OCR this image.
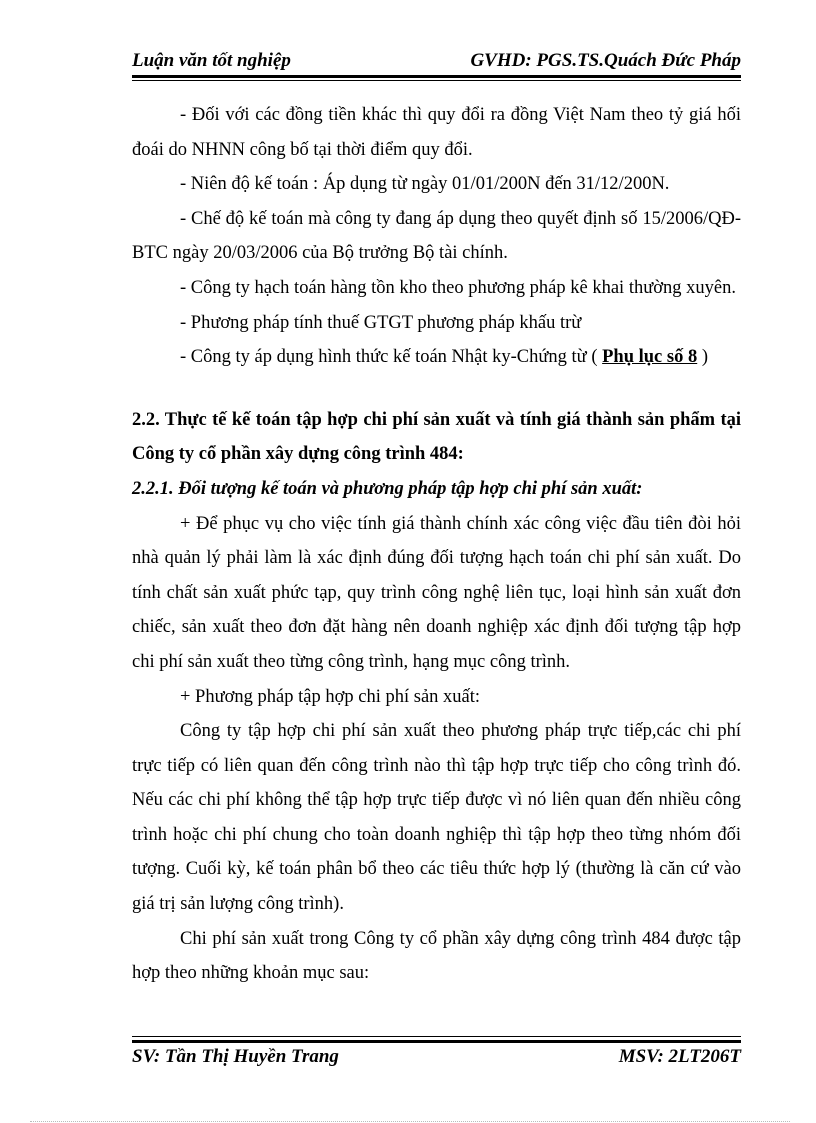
Luận văn tốt nghiệp	GVHD: PGS.TS.Quách Đức Pháp

- Đối với các đồng tiền khác thì quy đổi ra đồng Việt Nam theo tỷ giá hối đoái do NHNN công bố tại thời điểm quy đổi.

- Niên độ kế toán : Áp dụng từ ngày 01/01/200N đến 31/12/200N.

- Chế độ kế toán mà công ty đang áp dụng theo quyết định số 15/2006/QĐ-BTC ngày 20/03/2006 của Bộ trưởng Bộ tài chính.

- Công ty hạch toán hàng tồn kho theo phương pháp kê khai thường xuyên.

- Phương pháp tính thuế GTGT phương pháp khấu trừ

- Công ty áp dụng hình thức kế toán Nhật ky-Chứng từ ( Phụ lục số 8 )

2.2. Thực tế kế toán tập hợp chi phí sản xuất và tính giá thành sản phẩm tại Công ty cổ phần xây dựng công trình 484:

2.2.1. Đối tượng kế toán và phương pháp tập hợp chi phí sản xuất:

+ Để phục vụ cho việc tính giá thành chính xác công việc đầu tiên đòi hỏi nhà quản lý phải làm là xác định đúng đối tượng hạch toán chi phí sản xuất. Do tính chất sản xuất phức tạp, quy trình công nghệ liên tục, loại hình sản xuất đơn chiếc, sản xuất theo đơn đặt hàng nên doanh nghiệp xác định đối tượng tập hợp chi phí sản xuất theo từng công trình, hạng mục công trình.

+ Phương pháp tập hợp chi phí sản xuất:

Công ty tập hợp chi phí sản xuất theo phương pháp trực tiếp,các chi phí trực tiếp có liên quan đến công trình nào thì tập hợp trực tiếp cho công trình đó. Nếu các chi phí không thể tập hợp trực tiếp được vì nó liên quan đến nhiều công trình hoặc chi phí chung cho toàn doanh nghiệp thì tập hợp theo từng nhóm đối tượng. Cuối kỳ, kế toán phân bổ theo các tiêu thức hợp lý (thường là căn cứ vào giá trị sản lượng công trình).

Chi phí sản xuất trong Công ty cổ phần xây dựng công trình 484 được tập hợp theo những khoản mục sau:

SV: Tần Thị Huyền Trang	MSV: 2LT206T
